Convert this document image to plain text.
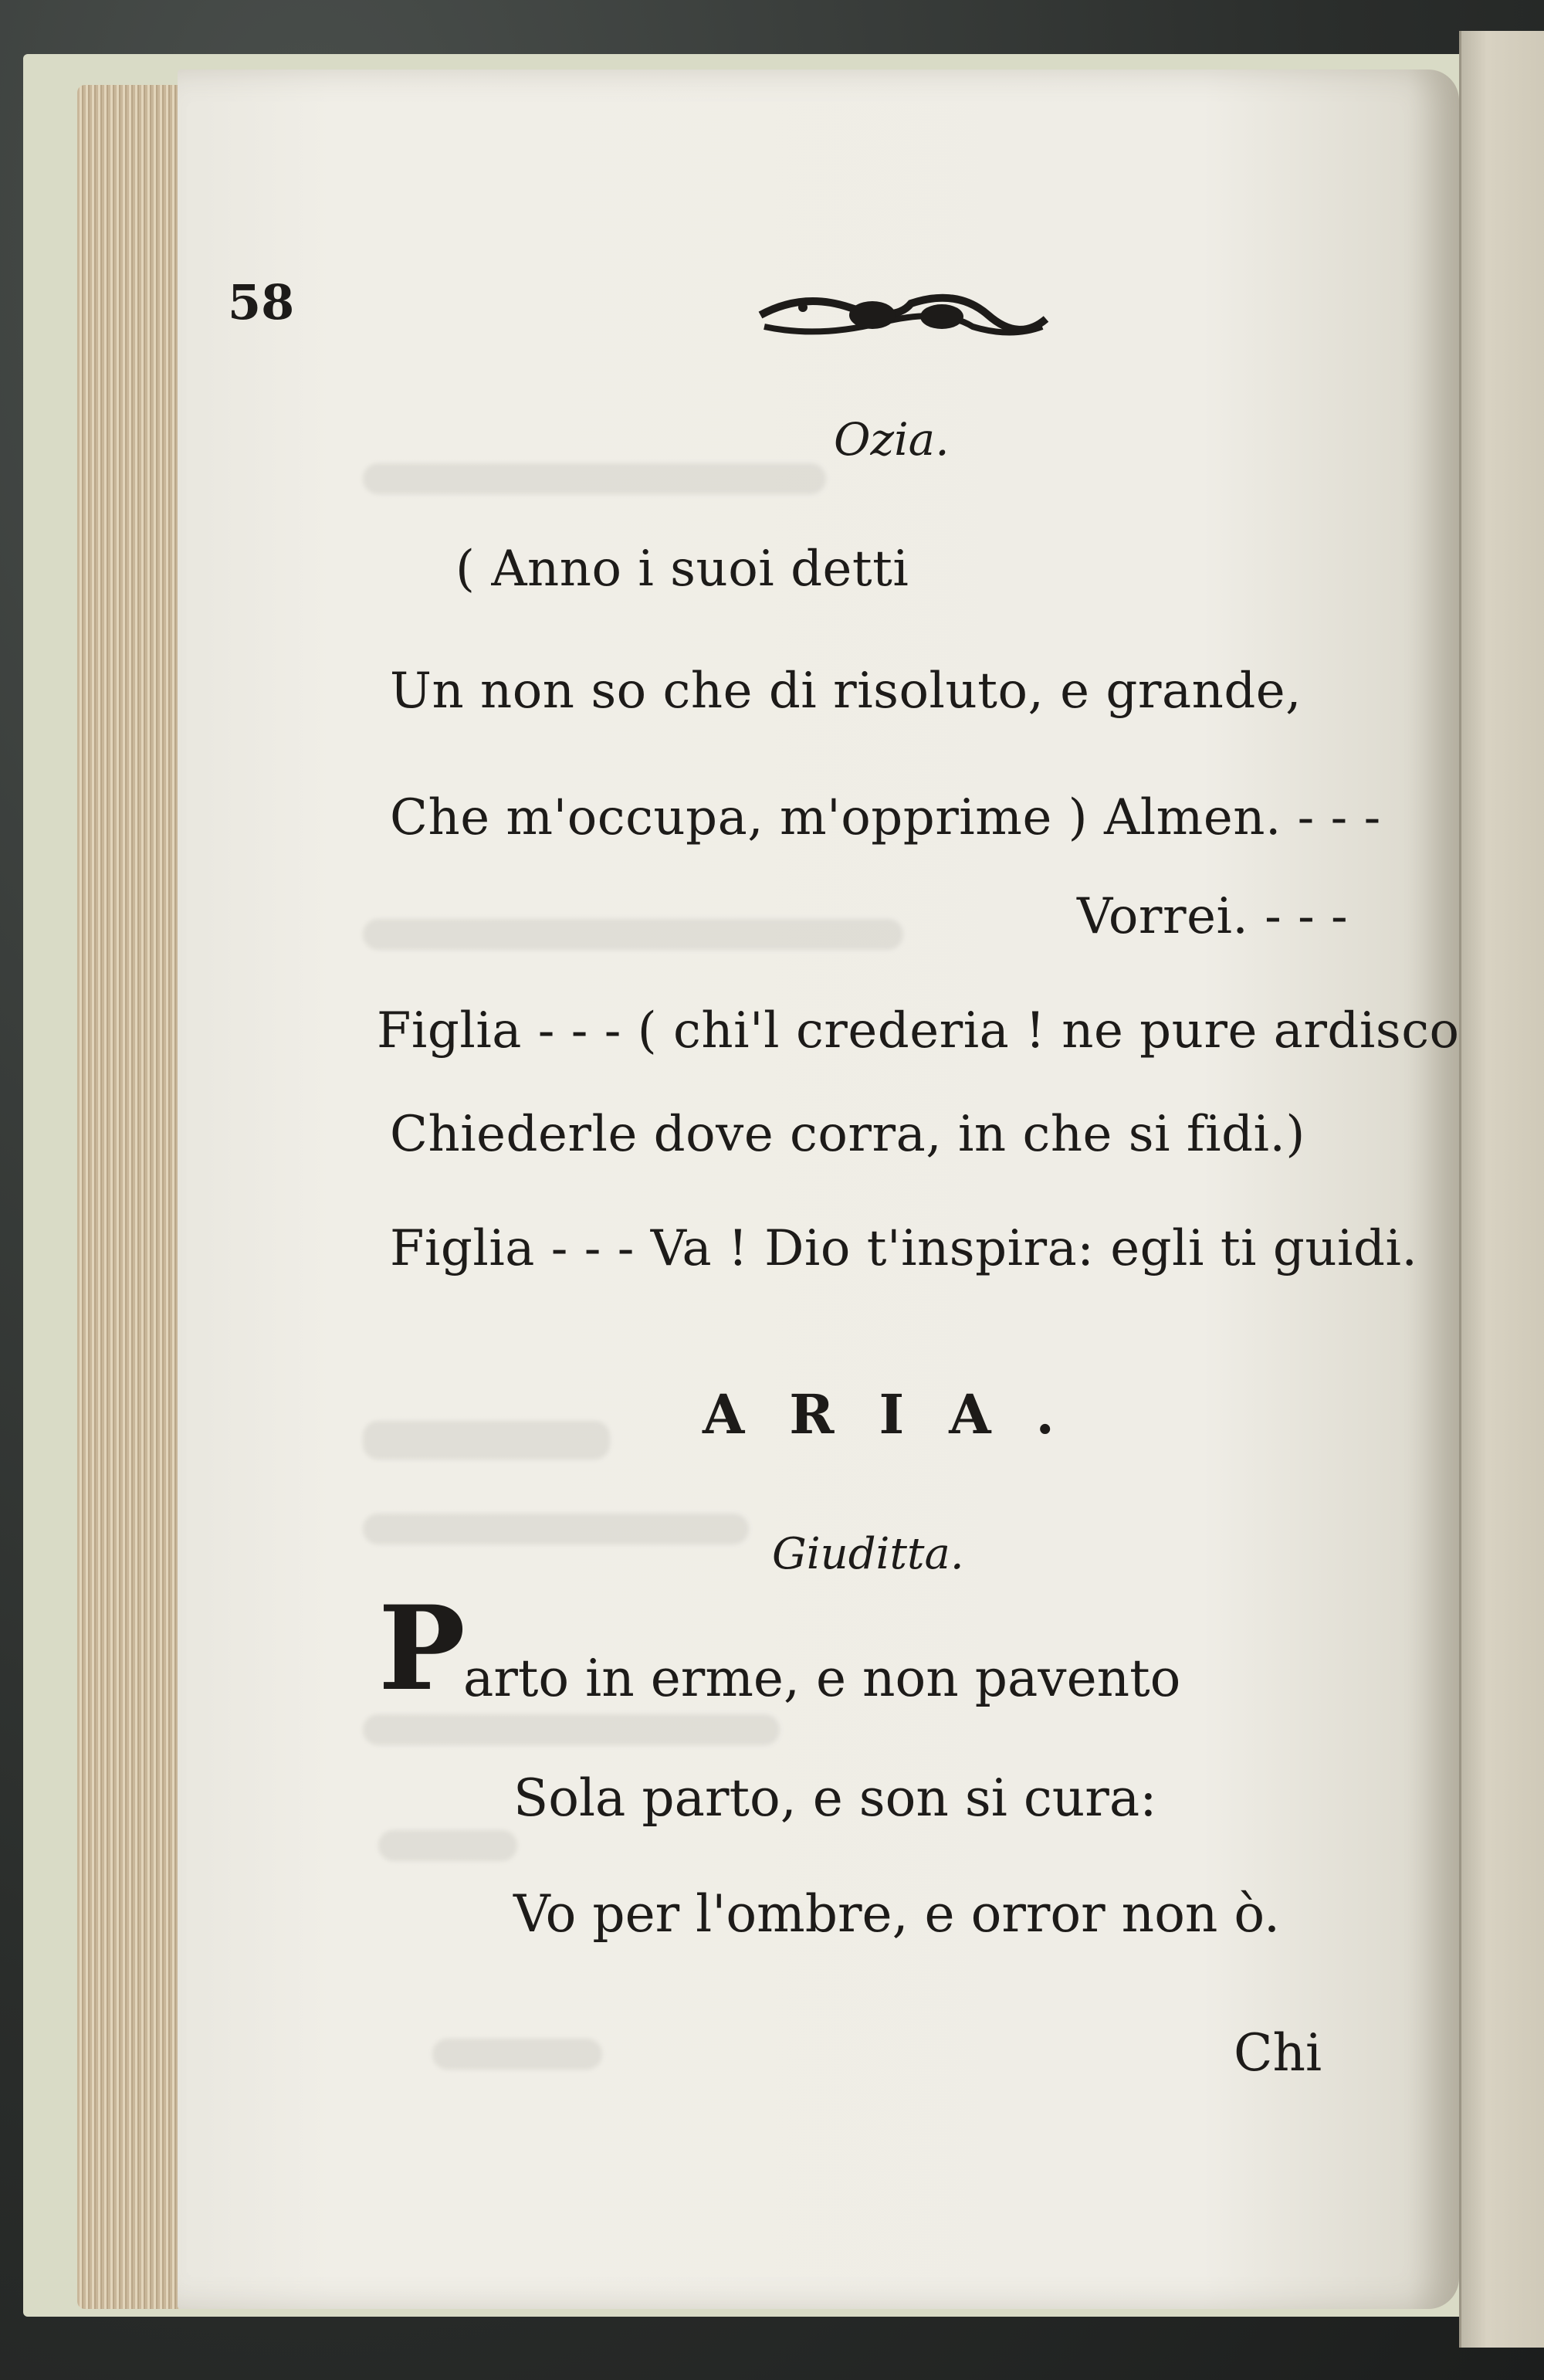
58
Ozia.
( Anno i suoi detti
Un non so che di risoluto, e grande,
Che m'occupa, m'opprime ) Almen. - - -
Vorrei. - - -
Figlia - - - ( chi'l crederia ! ne pure ardisco
Chiederle dove corra, in che si fidi.)
Figlia - - - Va ! Dio t'inspira: egli ti guidi.
ARIA.
Giuditta.
P
arto in erme, e non pavento
Sola parto, e son si cura:
Vo per l'ombre, e orror non ò.
Chi
